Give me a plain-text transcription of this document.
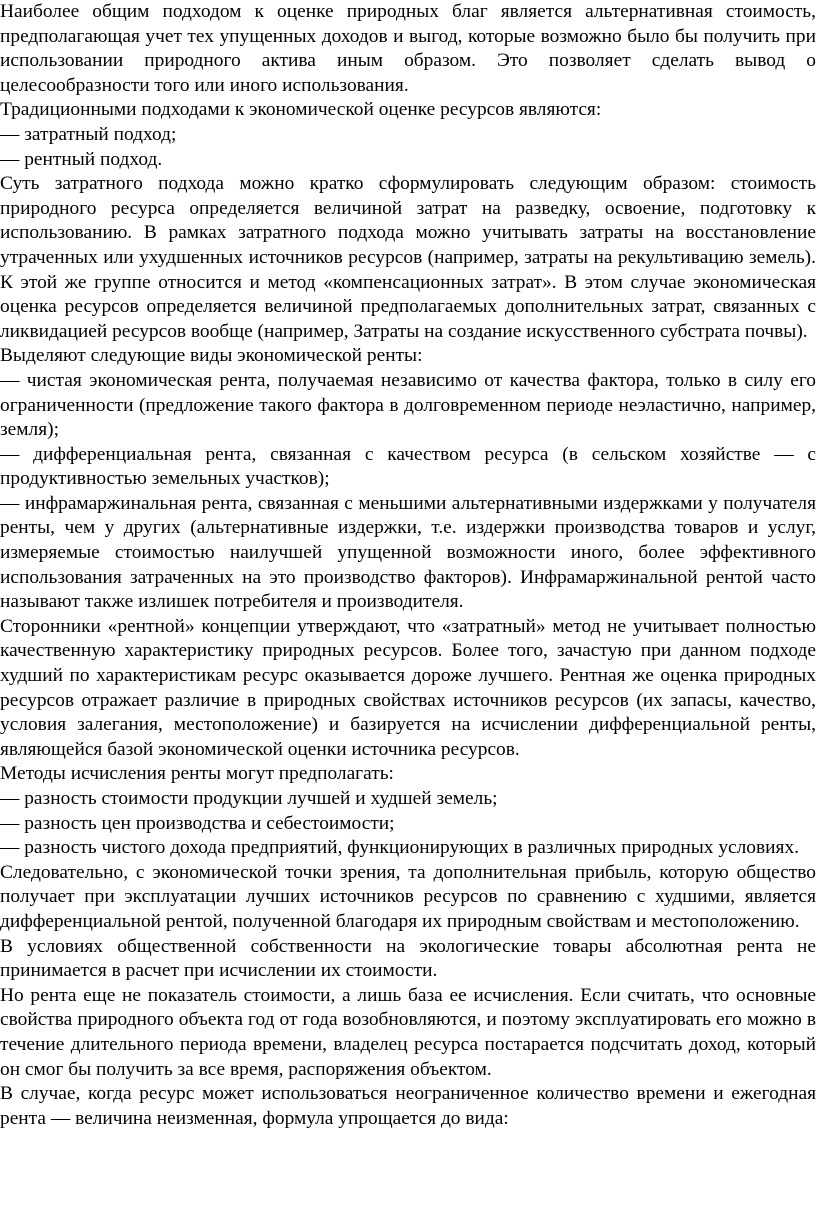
Наиболее общим подходом к оценке природных благ является альтернативная стоимость, предполагающая учет тех упущенных доходов и выгод, которые возможно было бы получить при использовании природного актива иным образом. Это позволяет сделать вывод о целесообразности того или иного использования.

Традиционными подходами к экономической оценке ресурсов являются:

— затратный подход;

— рентный подход.

Суть затратного подхода можно кратко сформулировать следующим образом: стоимость природного ресурса определяется величиной затрат на разведку, освоение, подготовку к использованию. В рамках затратного подхода можно учитывать затраты на восстановление утраченных или ухудшенных источников ресурсов (например, затраты на рекультивацию земель). К этой же группе относится и метод «компенсационных затрат». В этом случае экономическая оценка ресурсов определяется величиной предполагаемых дополнительных затрат, связанных с ликвидацией ресурсов вообще (например, Затраты на создание искусственного субстрата почвы).

Выделяют следующие виды экономической ренты:

— чистая экономическая рента, получаемая независимо от качества фактора, только в силу его ограниченности (предложение такого фактора в долговременном периоде неэластично, например, земля);

— дифференциальная рента, связанная с качеством ресурса (в сельском хозяйстве — с продуктивностью земельных участков);

— инфрамаржинальная рента, связанная с меньшими альтернативными издержками у получателя ренты, чем у других (альтернативные издержки, т.е. издержки производства товаров и услуг, измеряемые стоимостью наилучшей упущенной возможности иного, более эффективного использования затраченных на это производство факторов). Инфрамаржинальной рентой часто называют также излишек потребителя и производителя.

Сторонники «рентной» концепции утверждают, что «затратный» метод не учитывает полностью качественную характеристику природных ресурсов. Более того, зачастую при данном подходе худший по характеристикам ресурс оказывается дороже лучшего. Рентная же оценка природных ресурсов отражает различие в природных свойствах источников ресурсов (их запасы, качество, условия залегания, местоположение) и базируется на исчислении дифференциальной ренты, являющейся базой экономической оценки источника ресурсов.

Методы исчисления ренты могут предполагать:

— разность стоимости продукции лучшей и худшей земель;

— разность цен производства и себестоимости;

— разность чистого дохода предприятий, функционирующих в различных природных условиях.

Следовательно, с экономической точки зрения, та дополнительная прибыль, которую общество получает при эксплуатации лучших источников ресурсов по сравнению с худшими, является дифференциальной рентой, полученной благодаря их природным свойствам и местоположению.

В условиях общественной собственности на экологические товары абсолютная рента не принимается в расчет при исчислении их стоимости.

Но рента еще не показатель стоимости, а лишь база ее исчисления. Если считать, что основные свойства природного объекта год от года возобновляются, и поэтому эксплуатировать его можно в течение длительного периода времени, владелец ресурса постарается подсчитать доход, который он смог бы получить за все время, распоряжения объектом.

В случае, когда ресурс может использоваться неограниченное количество времени и ежегодная рента — величина неизменная, формула упрощается до вида:
